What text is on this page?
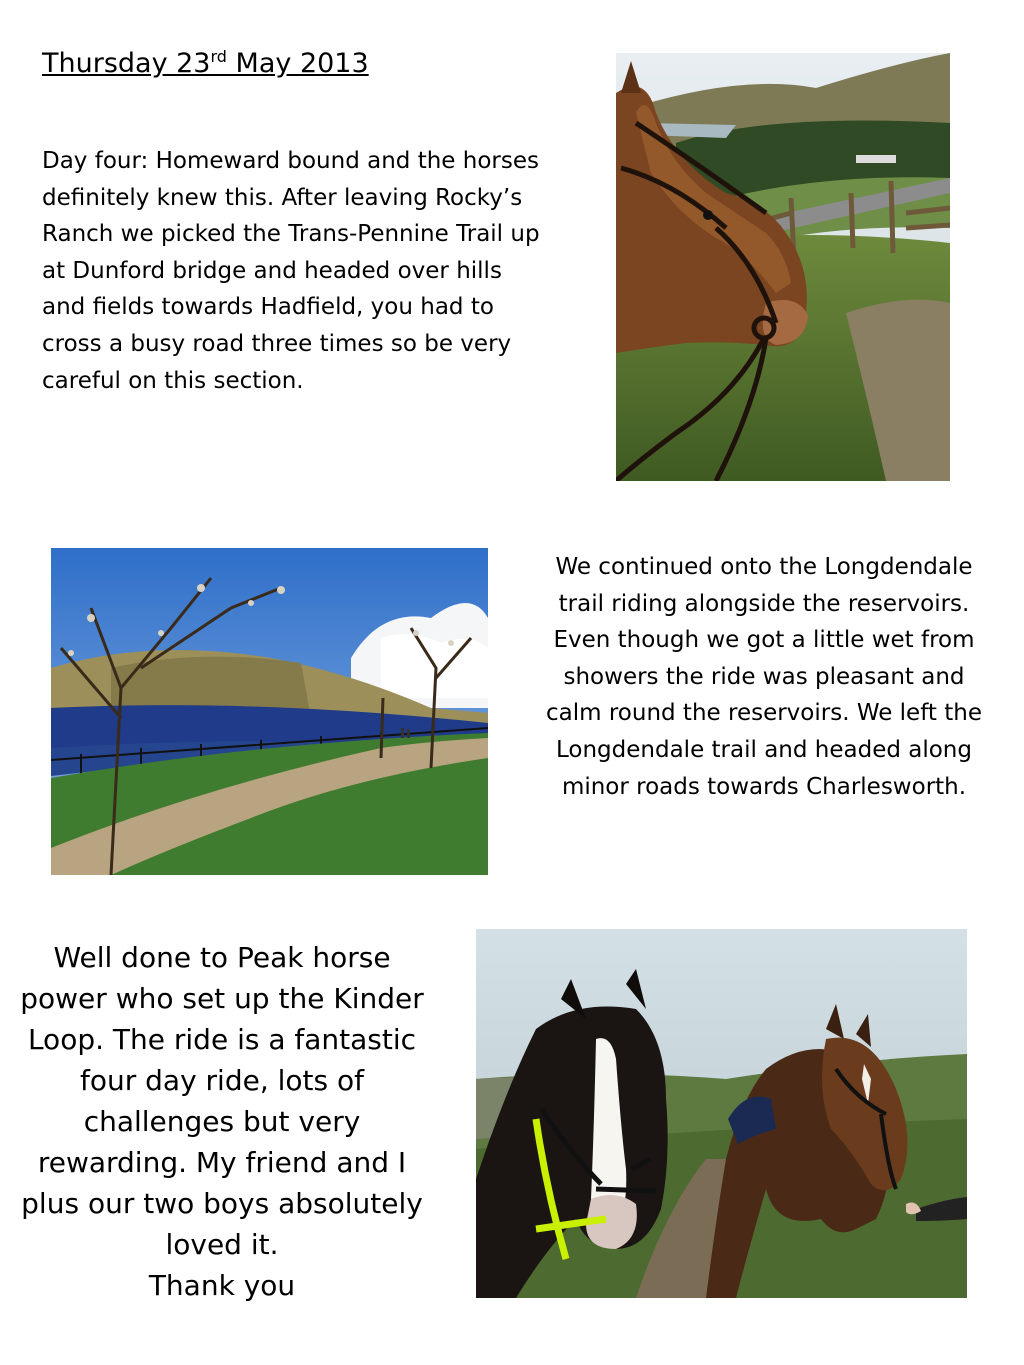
Thursday 23rd May 2013
Day four: Homeward bound and the horses definitely knew this. After leaving Rocky’s Ranch we picked the Trans-Pennine Trail up at Dunford bridge and headed over hills and fields towards Hadfield, you had to cross a busy road three times so be very careful on this section.
We continued onto the Longdendale trail riding alongside the reservoirs. Even though we got a little wet from showers the ride was pleasant and calm round the reservoirs. We left the Longdendale trail and headed along minor roads towards Charlesworth.
Well done to Peak horse power who set up the Kinder Loop. The ride is a fantastic four day ride, lots of challenges but very rewarding. My friend and I plus our two boys absolutely loved it.
Thank you
